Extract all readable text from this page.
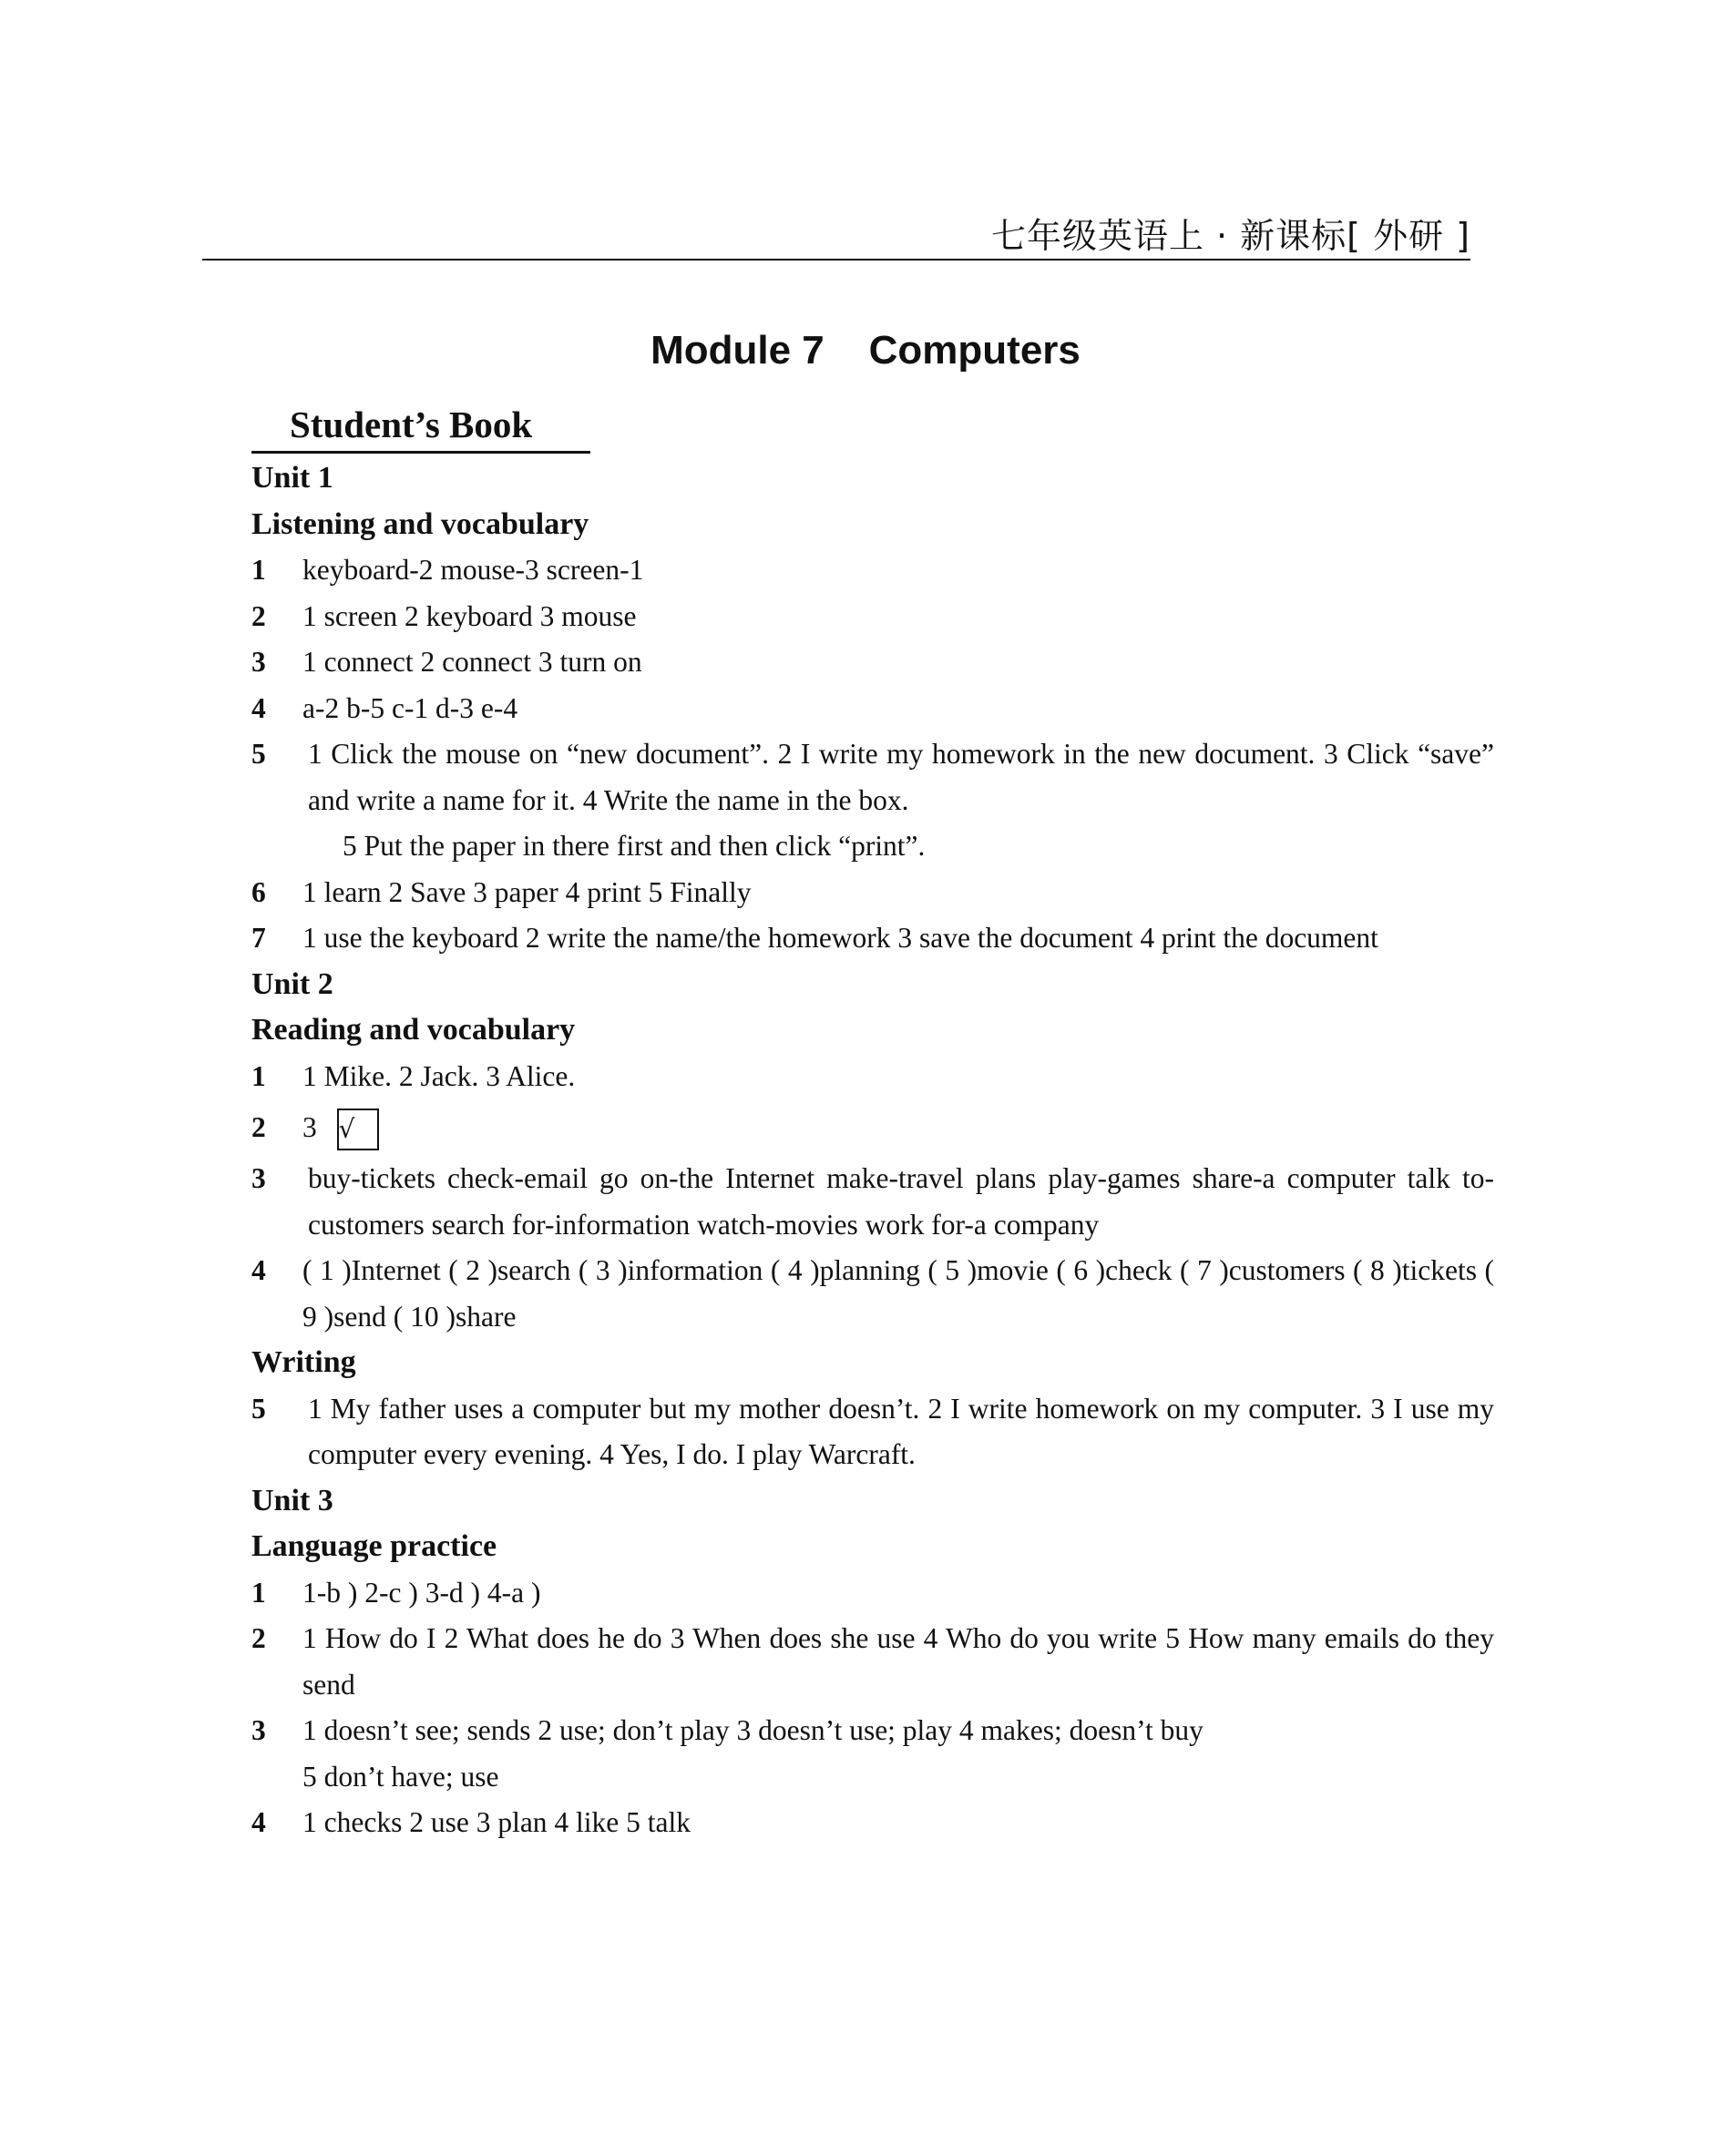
七年级英语上 · 新课标[ 外研 ]
Module 7    Computers
Student’s Book
Unit 1
Listening and vocabulary
1	keyboard-2 mouse-3 screen-1
2	1 screen 2 keyboard 3 mouse
3	1 connect 2 connect 3 turn on
4	a-2 b-5 c-1 d-3 e-4
5	1 Click the mouse on “new document”. 2 I write my homework in the new document. 3 Click “save” and write a name for it. 4 Write the name in the box.
5 Put the paper in there first and then click “print”.
6	1 learn 2 Save 3 paper 4 print 5 Finally
7	1 use the keyboard 2 write the name/the homework 3 save the document 4 print the document
Unit 2
Reading and vocabulary
1	1 Mike. 2 Jack. 3 Alice.
2	3 √
3	buy-tickets check-email go on-the Internet make-travel plans play-games share-a computer talk to-customers search for-information watch-movies work for-a company
4	( 1 )Internet ( 2 )search ( 3 )information ( 4 )planning ( 5 )movie ( 6 )check ( 7 )customers ( 8 )tickets ( 9 )send ( 10 )share
Writing
5	1 My father uses a computer but my mother doesn’t. 2 I write homework on my computer. 3 I use my computer every evening. 4 Yes, I do. I play Warcraft.
Unit 3
Language practice
1	1-b ) 2-c ) 3-d ) 4-a )
2	1 How do I 2 What does he do 3 When does she use 4 Who do you write 5 How many emails do they send
3	1 doesn’t see; sends 2 use; don’t play 3 doesn’t use; play 4 makes; doesn’t buy
5 don’t have; use
4	1 checks 2 use 3 plan 4 like 5 talk
